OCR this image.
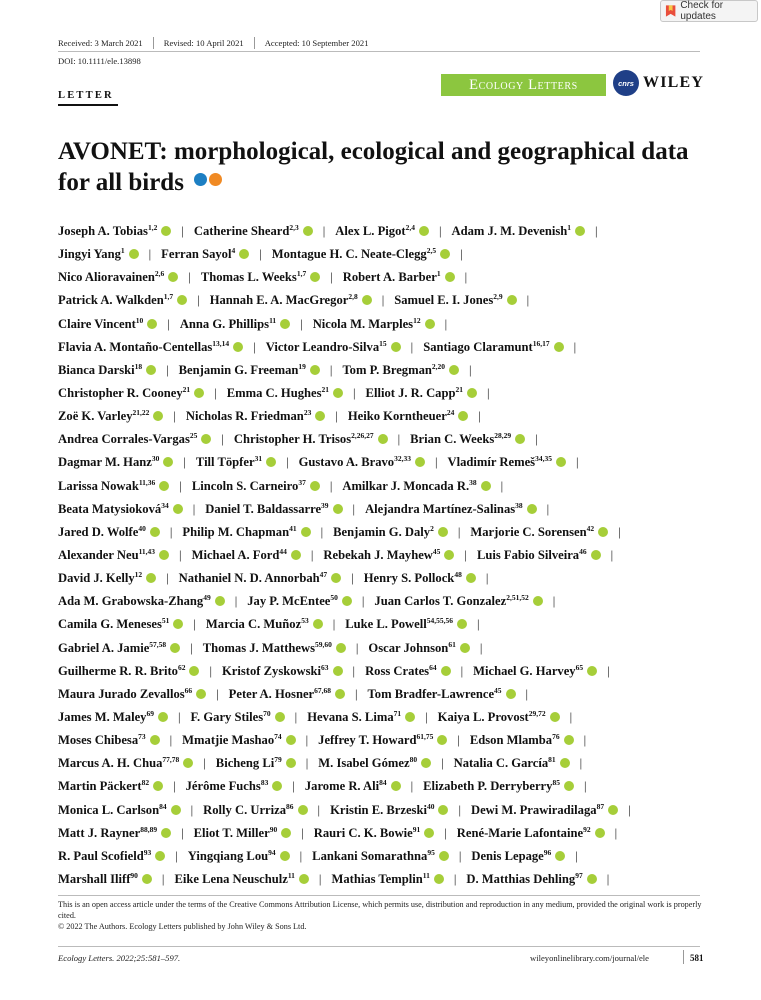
Check for updates
Received: 3 March 2021 Revised: 10 April 2021 Accepted: 10 September 2021
DOI: 10.1111/ele.13898
LETTER
Ecology Letters	cnrs WILEY
AVONET: morphological, ecological and geographical data for all birds
Joseph A. Tobias$^{1,2}$ | Catherine Sheard$^{2,3}$ | Alex L. Pigot$^{2,4}$ | Adam J. M. Devenish$^1$ |
Jingyi Yang$^1$ | Ferran Sayol$^4$ | Montague H. C. Neate-Clegg$^{2,5}$ |
Nico Alioravainen$^{2,6}$ | Thomas L. Weeks$^{1,7}$ | Robert A. Barber$^1$ |
Patrick A. Walkden$^{1,7}$ | Hannah E. A. MacGregor$^{2,8}$ | Samuel E. I. Jones$^{2,9}$ |
Claire Vincent$^{10}$ | Anna G. Phillips$^{11}$ | Nicola M. Marples$^{12}$ |
Flavia A. Montaño-Centellas$^{13,14}$ | Victor Leandro-Silva$^{15}$ | Santiago Claramunt$^{16,17}$ |
Bianca Darski$^{18}$ | Benjamin G. Freeman$^{19}$ | Tom P. Bregman$^{2,20}$ |
Christopher R. Cooney$^{21}$ | Emma C. Hughes$^{21}$ | Elliot J. R. Capp$^{21}$ |
Zoë K. Varley$^{21,22}$ | Nicholas R. Friedman$^{23}$ | Heiko Korntheuer$^{24}$ |
Andrea Corrales-Vargas$^{25}$ | Christopher H. Trisos$^{2,26,27}$ | Brian C. Weeks$^{28,29}$ |
Dagmar M. Hanz$^{30}$ | Till Töpfer$^{31}$ | Gustavo A. Bravo$^{32,33}$ | Vladimír Remeš$^{34,35}$ |
Larissa Nowak$^{11,36}$ | Lincoln S. Carneiro$^{37}$ | Amilkar J. Moncada R.$^{38}$ |
Beata Matysioková$^{34}$ | Daniel T. Baldassarre$^{39}$ | Alejandra Martínez-Salinas$^{38}$ |
Jared D. Wolfe$^{40}$ | Philip M. Chapman$^{41}$ | Benjamin G. Daly$^2$ | Marjorie C. Sorensen$^{42}$ |
Alexander Neu$^{11,43}$ | Michael A. Ford$^{44}$ | Rebekah J. Mayhew$^{45}$ | Luis Fabio Silveira$^{46}$ |
David J. Kelly$^{12}$ | Nathaniel N. D. Annorbah$^{47}$ | Henry S. Pollock$^{48}$ |
Ada M. Grabowska-Zhang$^{49}$ | Jay P. McEntee$^{50}$ | Juan Carlos T. Gonzalez$^{2,51,52}$ |
Camila G. Meneses$^{51}$ | Marcia C. Muñoz$^{53}$ | Luke L. Powell$^{54,55,56}$ |
Gabriel A. Jamie$^{57,58}$ | Thomas J. Matthews$^{59,60}$ | Oscar Johnson$^{61}$ |
Guilherme R. R. Brito$^{62}$ | Kristof Zyskowski$^{63}$ | Ross Crates$^{64}$ | Michael G. Harvey$^{65}$ |
Maura Jurado Zevallos$^{66}$ | Peter A. Hosner$^{67,68}$ | Tom Bradfer-Lawrence$^{45}$ |
James M. Maley$^{69}$ | F. Gary Stiles$^{70}$ | Hevana S. Lima$^{71}$ | Kaiya L. Provost$^{29,72}$ |
Moses Chibesa$^{73}$ | Mmatjie Mashao$^{74}$ | Jeffrey T. Howard$^{61,75}$ | Edson Mlamba$^{76}$ |
Marcus A. H. Chua$^{77,78}$ | Bicheng Li$^{79}$ | M. Isabel Gómez$^{80}$ | Natalia C. García$^{81}$ |
Martin Päckert$^{82}$ | Jérôme Fuchs$^{83}$ | Jarome R. Ali$^{84}$ | Elizabeth P. Derryberry$^{85}$ |
Monica L. Carlson$^{84}$ | Rolly C. Urriza$^{86}$ | Kristin E. Brzeski$^{40}$ | Dewi M. Prawiradilaga$^{87}$ |
Matt J. Rayner$^{88,89}$ | Eliot T. Miller$^{90}$ | Rauri C. K. Bowie$^{91}$ | René-Marie Lafontaine$^{92}$ |
R. Paul Scofield$^{93}$ | Yingqiang Lou$^{94}$ | Lankani Somarathna$^{95}$ | Denis Lepage$^{96}$ |
Marshall Iliff$^{90}$ | Eike Lena Neuschulz$^{11}$ | Mathias Templin$^{11}$ | D. Matthias Dehling$^{97}$ |

This is an open access article under the terms of the Creative Commons Attribution License, which permits use, distribution and reproduction in any medium, provided the original work is properly cited.

© 2022 The Authors. Ecology Letters published by John Wiley & Sons Ltd.

Ecology Letters. 2022;25:581–597.	wileyonlinelibrary.com/journal/ele	581
